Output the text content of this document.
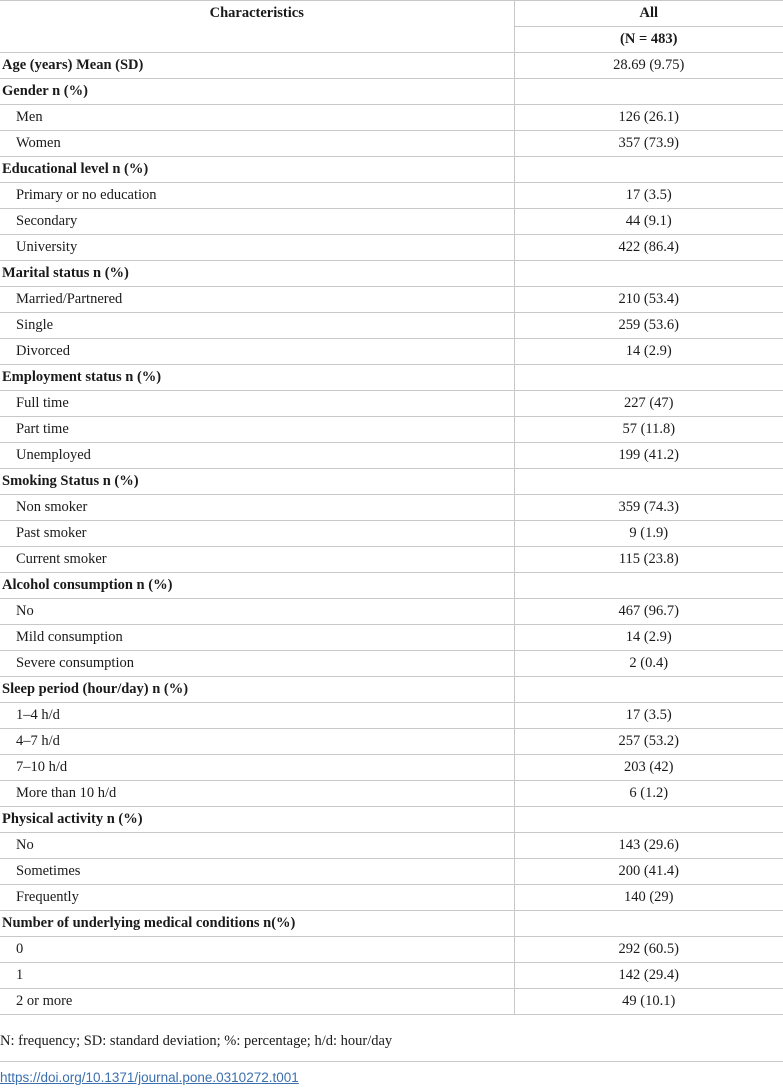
Characteristics	All
	(N = 483)
Age (years) Mean (SD)	28.69 (9.75)
Gender n (%)	
Men	126 (26.1)
Women	357 (73.9)
Educational level n (%)	
Primary or no education	17 (3.5)
Secondary	44 (9.1)
University	422 (86.4)
Marital status n (%)	
Married/Partnered	210 (53.4)
Single	259 (53.6)
Divorced	14 (2.9)
Employment status n (%)	
Full time	227 (47)
Part time	57 (11.8)
Unemployed	199 (41.2)
Smoking Status n (%)	
Non smoker	359 (74.3)
Past smoker	9 (1.9)
Current smoker	115 (23.8)
Alcohol consumption n (%)	
No	467 (96.7)
Mild consumption	14 (2.9)
Severe consumption	2 (0.4)
Sleep period (hour/day) n (%)	
1–4 h/d	17 (3.5)
4–7 h/d	257 (53.2)
7–10 h/d	203 (42)
More than 10 h/d	6 (1.2)
Physical activity n (%)	
No	143 (29.6)
Sometimes	200 (41.4)
Frequently	140 (29)
Number of underlying medical conditions n(%)	
0	292 (60.5)
1	142 (29.4)
2 or more	49 (10.1)
N: frequency; SD: standard deviation; %: percentage; h/d: hour/day
https://doi.org/10.1371/journal.pone.0310272.t001
